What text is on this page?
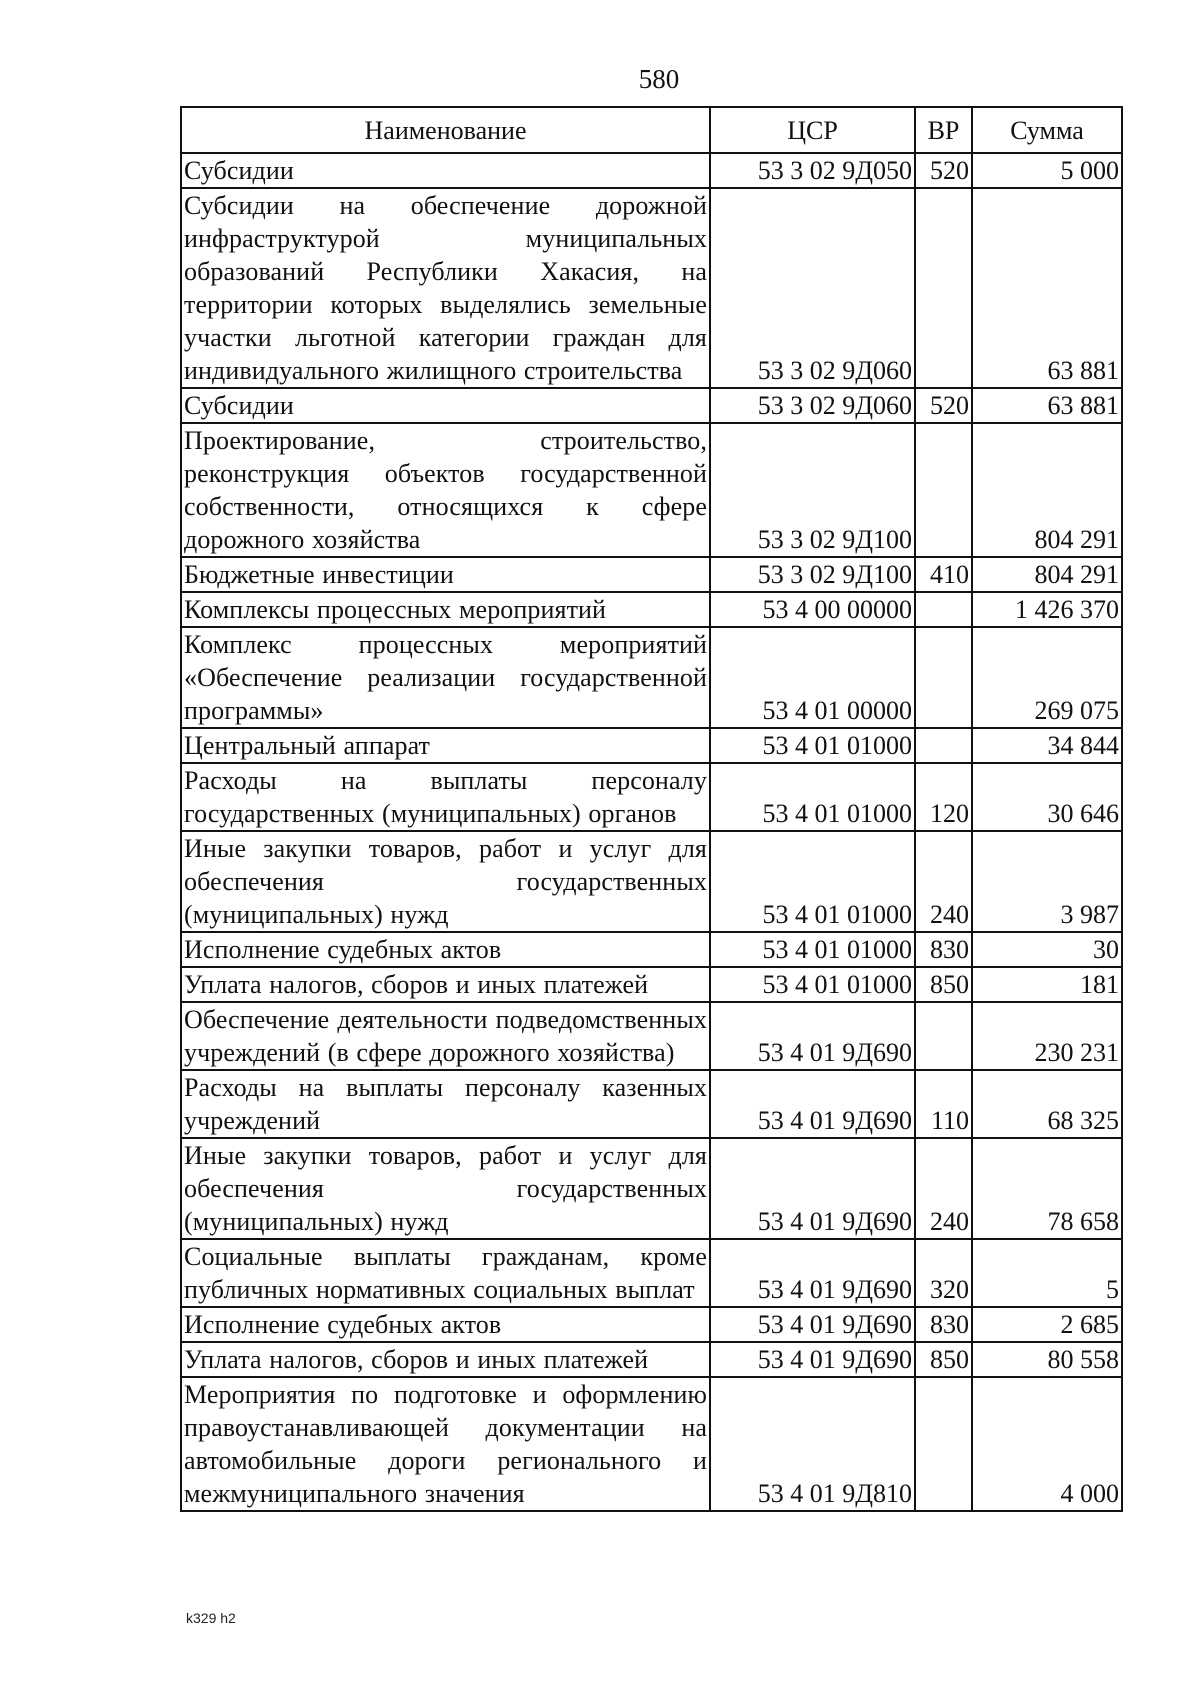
580
Наименование	ЦСР	ВР	Сумма
Субсидии	53 3 02 9Д050	520	5 000
Субсидии на обеспечение дорожной инфраструктурой муниципальных образований Республики Хакасия, на территории которых выделялись земельные участки льготной категории граждан для индивидуального жилищного строительства	53 3 02 9Д060		63 881
Субсидии	53 3 02 9Д060	520	63 881
Проектирование, строительство, реконструкция объектов государственной собственности, относящихся к сфере дорожного хозяйства	53 3 02 9Д100		804 291
Бюджетные инвестиции	53 3 02 9Д100	410	804 291
Комплексы процессных мероприятий	53 4 00 00000		1 426 370
Комплекс процессных мероприятий «Обеспечение реализации государственной программы»	53 4 01 00000		269 075
Центральный аппарат	53 4 01 01000		34 844
Расходы на выплаты персоналу государственных (муниципальных) органов	53 4 01 01000	120	30 646
Иные закупки товаров, работ и услуг для обеспечения государственных (муниципальных) нужд	53 4 01 01000	240	3 987
Исполнение судебных актов	53 4 01 01000	830	30
Уплата налогов, сборов и иных платежей	53 4 01 01000	850	181
Обеспечение деятельности подведомственных учреждений (в сфере дорожного хозяйства)	53 4 01 9Д690		230 231
Расходы на выплаты персоналу казенных учреждений	53 4 01 9Д690	110	68 325
Иные закупки товаров, работ и услуг для обеспечения государственных (муниципальных) нужд	53 4 01 9Д690	240	78 658
Социальные выплаты гражданам, кроме публичных нормативных социальных выплат	53 4 01 9Д690	320	5
Исполнение судебных актов	53 4 01 9Д690	830	2 685
Уплата налогов, сборов и иных платежей	53 4 01 9Д690	850	80 558
Мероприятия по подготовке и оформлению правоустанавливающей документации на автомобильные дороги регионального и межмуниципального значения	53 4 01 9Д810		4 000
k329 h2
